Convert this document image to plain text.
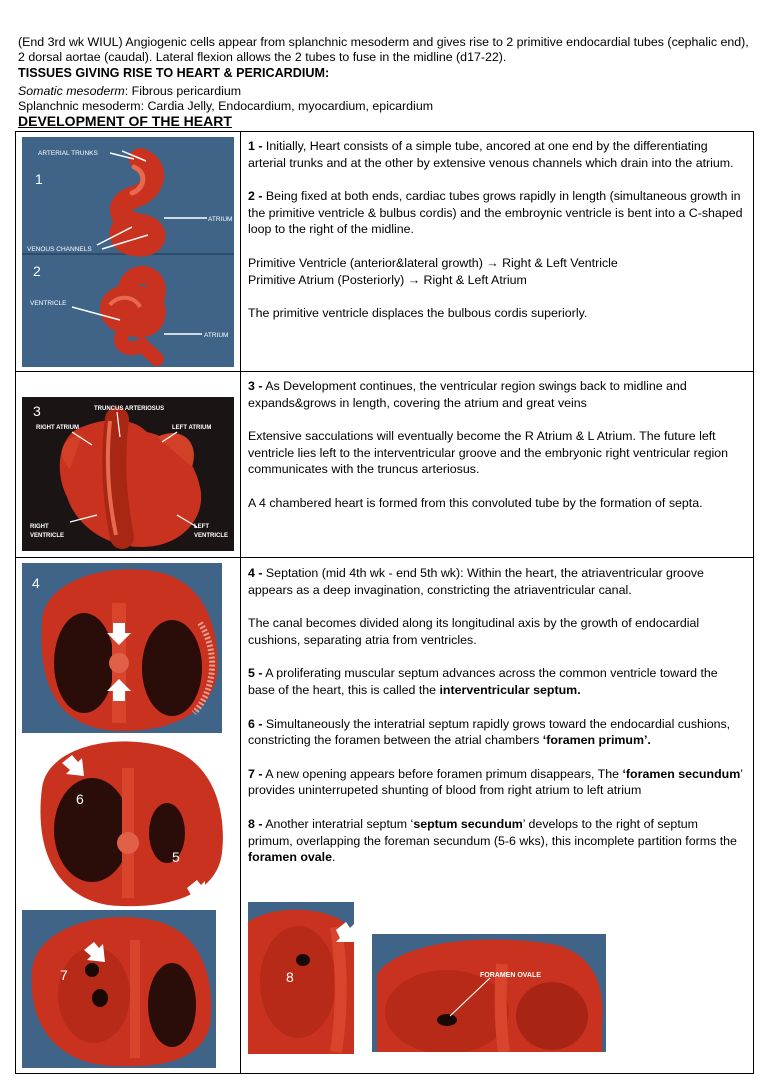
(End 3rd wk WIUL) Angiogenic cells appear from splanchnic mesoderm and gives rise to 2 primitive endocardial tubes (cephalic end), 2 dorsal aortae (caudal). Lateral flexion allows the 2 tubes to fuse in the midline (d17-22).
TISSUES GIVING RISE TO HEART & PERICARDIUM:
Somatic mesoderm: Fibrous pericardium
Splanchnic mesoderm: Cardia Jelly, Endocardium, myocardium, epicardium
DEVELOPMENT OF THE HEART
ARTERIAL TRUNKS
1
ATRIUM
VENOUS CHANNELS
2
VENTRICLE
ATRIUM

1 - Initially, Heart consists of a simple tube, ancored at one end by the differentiating arterial trunks and at the other by extensive venous channels which drain into the atrium.

2 - Being fixed at both ends, cardiac tubes grows rapidly in length (simultaneous growth in the primitive ventricle & bulbus cordis) and the embroynic ventricle is bent into a C-shaped loop to the right of the midline.

Primitive Ventricle (anterior&lateral growth) → Right & Left Ventricle
Primitive Atrium (Posteriorly) → Right & Left Atrium

The primitive ventricle displaces the bulbous cordis superiorly.

3	TRUNCUS ARTERIOSUS
RIGHT ATRIUM	LEFT ATRIUM
RIGHT
VENTRICLE
LEFT
VENTRICLE

3 - As Development continues, the ventricular region swings back to midline and expands&grows in length, covering the atrium and great veins

Extensive sacculations will eventually become the R Atrium & L Atrium. The future left ventricle lies left to the interventricular groove and the embryonic right ventricular region communicates with the truncus arteriosus.

A 4 chambered heart is formed from this convoluted tube by the formation of septa.

4
6
5
7	8	FORAMEN OVALE

4 - Septation (mid 4th wk - end 5th wk): Within the heart, the atriaventricular groove appears as a deep invagination, constricting the atriaventricular canal.

The canal becomes divided along its longitudinal axis by the growth of endocardial cushions, separating atria from ventricles.

5 - A proliferating muscular septum advances across the common ventricle toward the base of the heart, this is called the interventricular septum.

6 - Simultaneously the interatrial septum rapidly grows toward the endocardial cushions, constricting the foramen between the atrial chambers ‘foramen primum’.

7 - A new opening appears before foramen primum disappears, The ‘foramen secundum’ provides uninterrupeted shunting of blood from right atrium to left atrium

8 - Another interatrial septum ‘septum secundum’ develops to the right of septum primum, overlapping the foreman secundum (5-6 wks), this incomplete partition forms the foramen ovale.
